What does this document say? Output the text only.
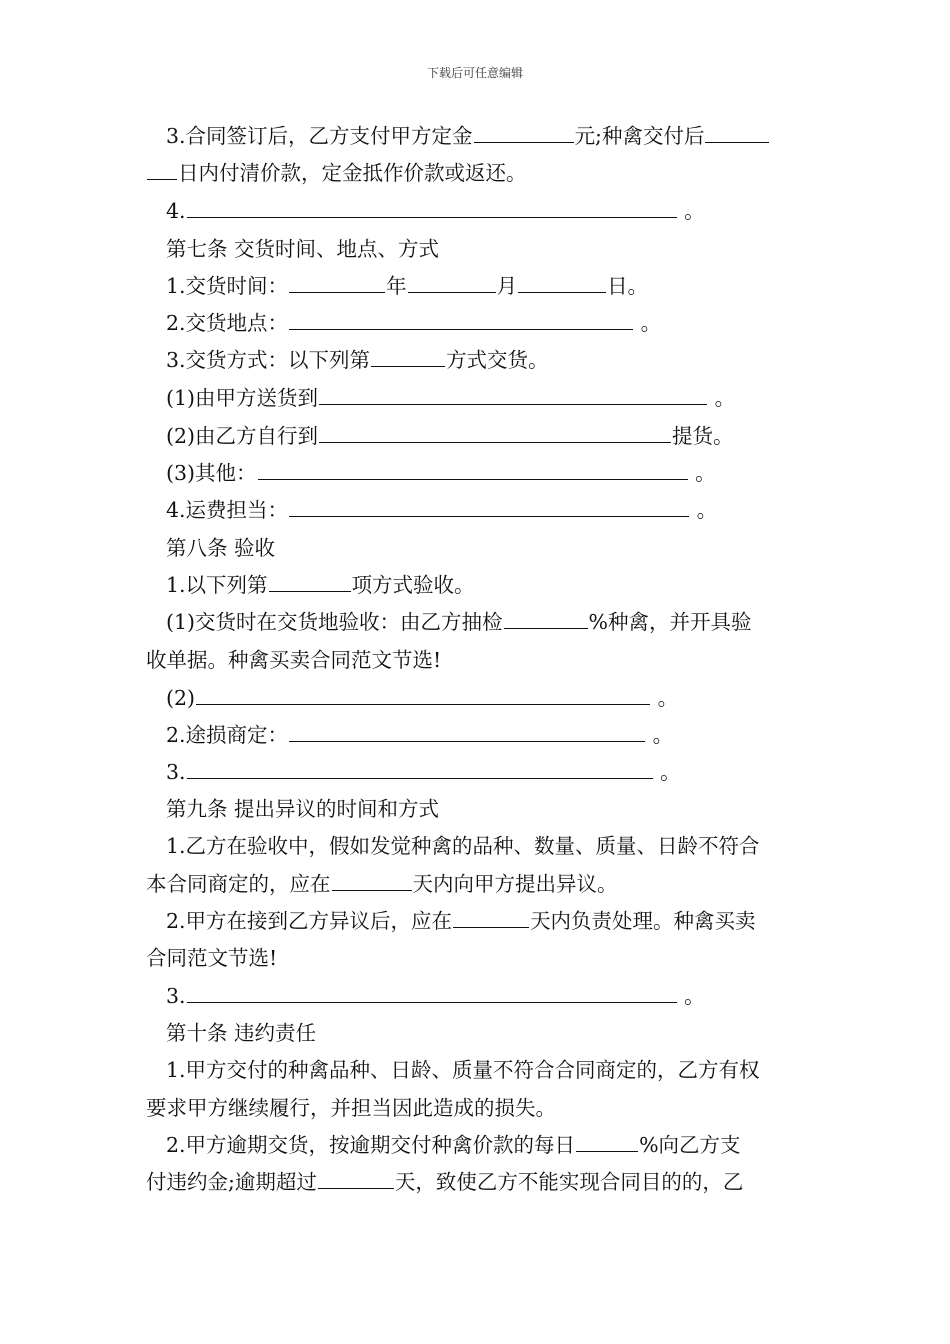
下载后可任意编辑
3.合同签订后，乙方支付甲方定金	元;种禽交付后
日内付清价款，定金抵作价款或返还。
4.	。
第七条 交货时间、地点、方式
1.交货时间：	年	月	日。
2.交货地点：	。
3.交货方式：以下列第	方式交货。
(1)由甲方送货到	。
(2)由乙方自行到	提货。
(3)其他：	。
4.运费担当：	。
第八条 验收
1.以下列第	项方式验收。
(1)交货时在交货地验收：由乙方抽检	%种禽，并开具验
收单据。种禽买卖合同范文节选!
(2)	。
2.途损商定：	。
3.	。
第九条 提出异议的时间和方式
1.乙方在验收中，假如发觉种禽的品种、数量、质量、日龄不符合
本合同商定的，应在	天内向甲方提出异议。
2.甲方在接到乙方异议后，应在	天内负责处理。种禽买卖
合同范文节选!
3.	。
第十条 违约责任
1.甲方交付的种禽品种、日龄、质量不符合合同商定的，乙方有权
要求甲方继续履行，并担当因此造成的损失。
2.甲方逾期交货，按逾期交付种禽价款的每日	%向乙方支
付违约金;逾期超过	天，致使乙方不能实现合同目的的，乙
